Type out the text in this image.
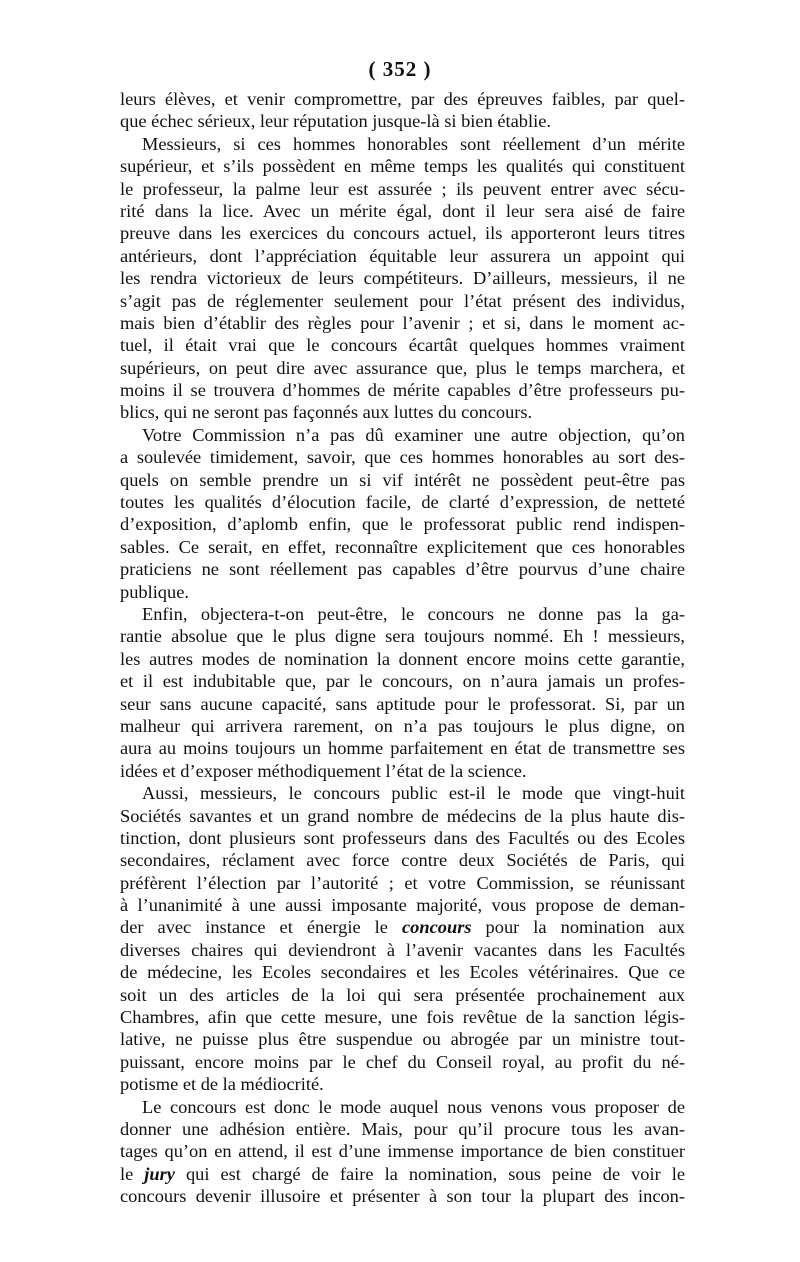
( 352 )
leurs élèves, et venir compromettre, par des épreuves faibles, par quel-
que échec sérieux, leur réputation jusque-là si bien établie.
Messieurs, si ces hommes honorables sont réellement d’un mérite
supérieur, et s’ils possèdent en même temps les qualités qui constituent
le professeur, la palme leur est assurée ; ils peuvent entrer avec sécu-
rité dans la lice. Avec un mérite égal, dont il leur sera aisé de faire
preuve dans les exercices du concours actuel, ils apporteront leurs titres
antérieurs, dont l’appréciation équitable leur assurera un appoint qui
les rendra victorieux de leurs compétiteurs. D’ailleurs, messieurs, il ne
s’agit pas de réglementer seulement pour l’état présent des individus,
mais bien d’établir des règles pour l’avenir ; et si, dans le moment ac-
tuel, il était vrai que le concours écartât quelques hommes vraiment
supérieurs, on peut dire avec assurance que, plus le temps marchera, et
moins il se trouvera d’hommes de mérite capables d’être professeurs pu-
blics, qui ne seront pas façonnés aux luttes du concours.
Votre Commission n’a pas dû examiner une autre objection, qu’on
a soulevée timidement, savoir, que ces hommes honorables au sort des-
quels on semble prendre un si vif intérêt ne possèdent peut-être pas
toutes les qualités d’élocution facile, de clarté d’expression, de netteté
d’exposition, d’aplomb enfin, que le professorat public rend indispen-
sables. Ce serait, en effet, reconnaître explicitement que ces honorables
praticiens ne sont réellement pas capables d’être pourvus d’une chaire
publique.
Enfin, objectera-t-on peut-être, le concours ne donne pas la ga-
rantie absolue que le plus digne sera toujours nommé. Eh ! messieurs,
les autres modes de nomination la donnent encore moins cette garantie,
et il est indubitable que, par le concours, on n’aura jamais un profes-
seur sans aucune capacité, sans aptitude pour le professorat. Si, par un
malheur qui arrivera rarement, on n’a pas toujours le plus digne, on
aura au moins toujours un homme parfaitement en état de transmettre ses
idées et d’exposer méthodiquement l’état de la science.
Aussi, messieurs, le concours public est-il le mode que vingt-huit
Sociétés savantes et un grand nombre de médecins de la plus haute dis-
tinction, dont plusieurs sont professeurs dans des Facultés ou des Ecoles
secondaires, réclament avec force contre deux Sociétés de Paris, qui
préfèrent l’élection par l’autorité ; et votre Commission, se réunissant
à l’unanimité à une aussi imposante majorité, vous propose de deman-
der avec instance et énergie le concours pour la nomination aux
diverses chaires qui deviendront à l’avenir vacantes dans les Facultés
de médecine, les Ecoles secondaires et les Ecoles vétérinaires. Que ce
soit un des articles de la loi qui sera présentée prochainement aux
Chambres, afin que cette mesure, une fois revêtue de la sanction légis-
lative, ne puisse plus être suspendue ou abrogée par un ministre tout-
puissant, encore moins par le chef du Conseil royal, au profit du né-
potisme et de la médiocrité.
Le concours est donc le mode auquel nous venons vous proposer de
donner une adhésion entière. Mais, pour qu’il procure tous les avan-
tages qu’on en attend, il est d’une immense importance de bien constituer
le jury qui est chargé de faire la nomination, sous peine de voir le
concours devenir illusoire et présenter à son tour la plupart des incon-
